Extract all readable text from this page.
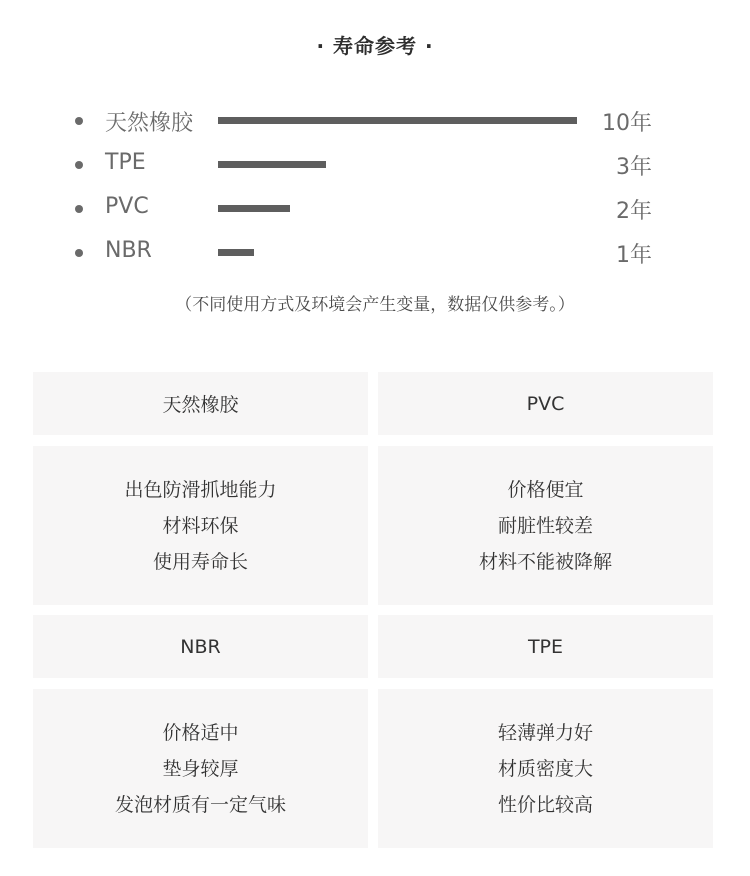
· 寿命参考 ·
天然橡胶	10年
TPE	3年
PVC	2年
NBR	1年
（不同使用方式及环境会产生变量，数据仅供参考。）
天然橡胶	PVC
出色防滑抓地能力
材料环保
使用寿命长
价格便宜
耐脏性较差
材料不能被降解
NBR	TPE
价格适中
垫身较厚
发泡材质有一定气味
轻薄弹力好
材质密度大
性价比较高
